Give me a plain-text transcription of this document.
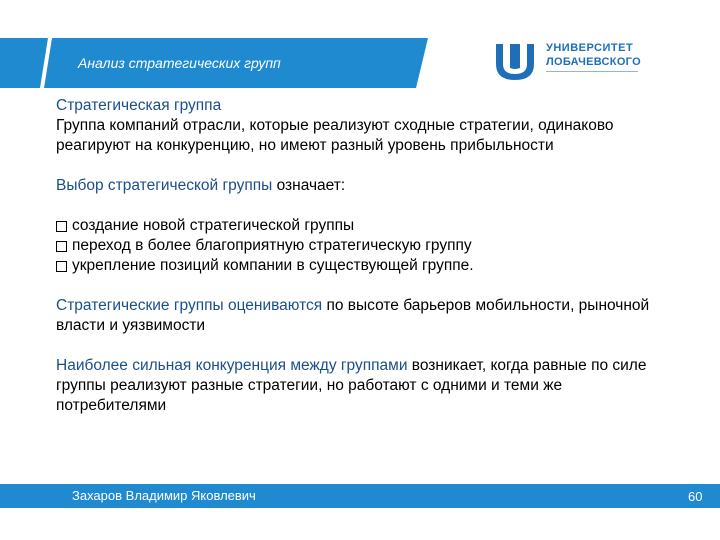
Анализ стратегических групп
УНИВЕРСИТЕТ
ЛОБАЧЕВСКОГО

Стратегическая группа

Группа компаний отрасли, которые реализуют сходные стратегии, одинаково реагируют на конкуренцию, но имеют разный уровень прибыльности

Выбор стратегической группы означает:

создание новой стратегической группы
переход в более благоприятную стратегическую группу
укрепление позиций компании в существующей группе.

Стратегические группы оцениваются по высоте барьеров мобильности, рыночной власти и уязвимости

Наиболее сильная конкуренция между группами возникает, когда равные по силе группы реализуют разные стратегии, но работают с одними и теми же потребителями

Захаров Владимир Яковлевич	60
